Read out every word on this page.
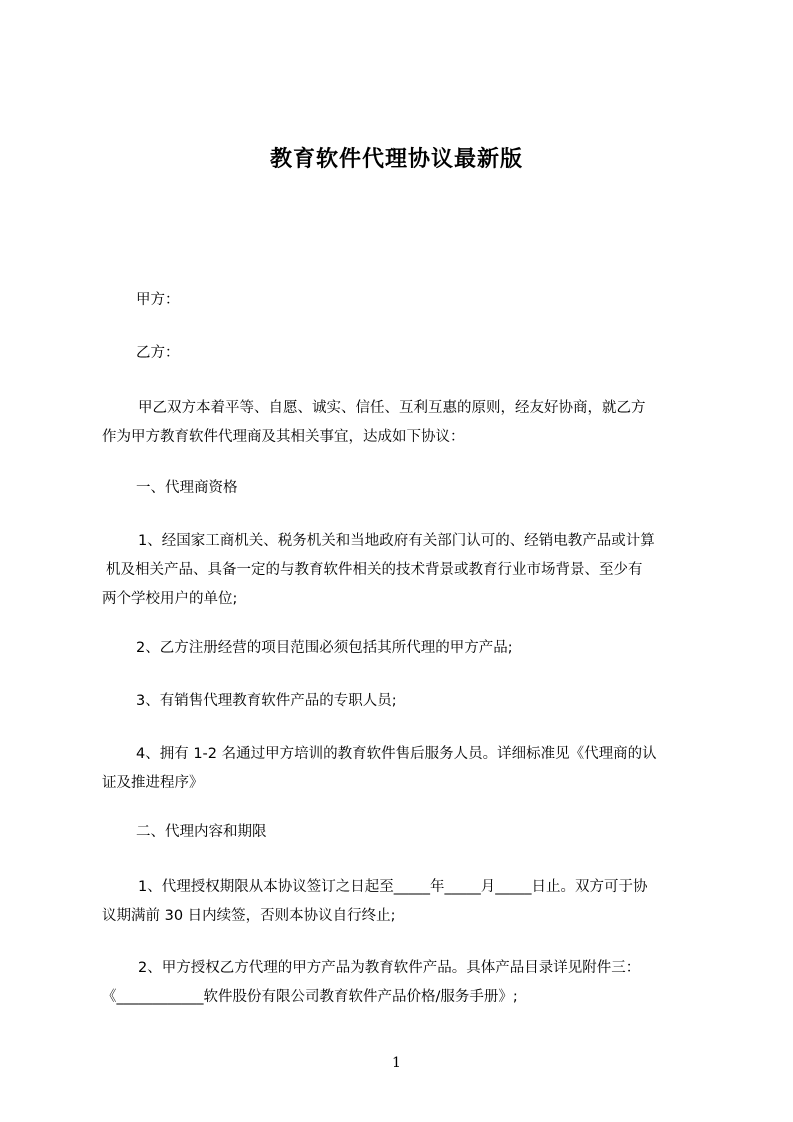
教育软件代理协议最新版
甲方：
乙方：
甲乙双方本着平等、自愿、诚实、信任、互利互惠的原则，经友好协商，就乙方
作为甲方教育软件代理商及其相关事宜，达成如下协议：
一、代理商资格
1、经国家工商机关、税务机关和当地政府有关部门认可的、经销电教产品或计算
机及相关产品、具备一定的与教育软件相关的技术背景或教育行业市场背景、至少有
两个学校用户的单位;
2、乙方注册经营的项目范围必须包括其所代理的甲方产品;
3、有销售代理教育软件产品的专职人员;
4、拥有 1-2 名通过甲方培训的教育软件售后服务人员。详细标准见《代理商的认
证及推进程序》
二、代理内容和期限
1、代理授权期限从本协议签订之日起至_____年_____月_____日止。双方可于协
议期满前 30 日内续签，否则本协议自行终止;
2、甲方授权乙方代理的甲方产品为教育软件产品。具体产品目录详见附件三：
《____________软件股份有限公司教育软件产品价格/服务手册》;
1
